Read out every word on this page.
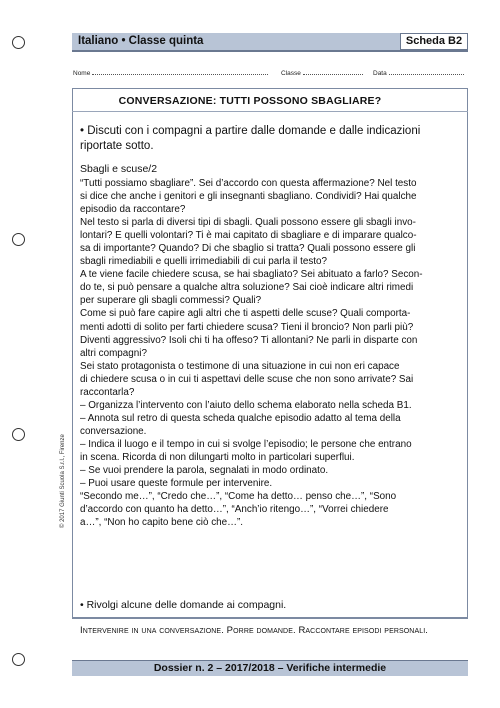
Italiano • Classe quinta	Scheda B2
Nome	Classe	Data
CONVERSAZIONE: TUTTI POSSONO SBAGLIARE?
• Discuti con i compagni a partire dalle domande e dalle indicazioni riportate sotto.
Sbagli e scuse/2
“Tutti possiamo sbagliare”. Sei d’accordo con questa affermazione? Nel testo
si dice che anche i genitori e gli insegnanti sbagliano. Condividi? Hai qualche
episodio da raccontare?
Nel testo si parla di diversi tipi di sbagli. Quali possono essere gli sbagli invo-
lontari? E quelli volontari? Ti è mai capitato di sbagliare e di imparare qualco-
sa di importante? Quando? Di che sbaglio si tratta? Quali possono essere gli
sbagli rimediabili e quelli irrimediabili di cui parla il testo?
A te viene facile chiedere scusa, se hai sbagliato? Sei abituato a farlo? Secon-
do te, si può pensare a qualche altra soluzione? Sai cioè indicare altri rimedi
per superare gli sbagli commessi? Quali?
Come si può fare capire agli altri che ti aspetti delle scuse? Quali comporta-
menti adotti di solito per farti chiedere scusa? Tieni il broncio? Non parli più?
Diventi aggressivo? Isoli chi ti ha offeso? Ti allontani? Ne parli in disparte con
altri compagni?
Sei stato protagonista o testimone di una situazione in cui non eri capace
di chiedere scusa o in cui ti aspettavi delle scuse che non sono arrivate? Sai
raccontarla?
– Organizza l’intervento con l’aiuto dello schema elaborato nella scheda B1.
– Annota sul retro di questa scheda qualche episodio adatto al tema della
conversazione.
– Indica il luogo e il tempo in cui si svolge l’episodio; le persone che entrano
in scena. Ricorda di non dilungarti molto in particolari superflui.
– Se vuoi prendere la parola, segnalati in modo ordinato.
– Puoi usare queste formule per intervenire.
“Secondo me…”, “Credo che…”, “Come ha detto… penso che…”, “Sono
d’accordo con quanto ha detto…”, “Anch’io ritengo…”, “Vorrei chiedere
a…”, “Non ho capito bene ciò che…”.
• Rivolgi alcune delle domande ai compagni.
Intervenire in una conversazione. Porre domande. Raccontare episodi personali.
Dossier n. 2 – 2017/2018 – Verifiche intermedie
© 2017 Giunti Scuola S.r.l., Firenze
